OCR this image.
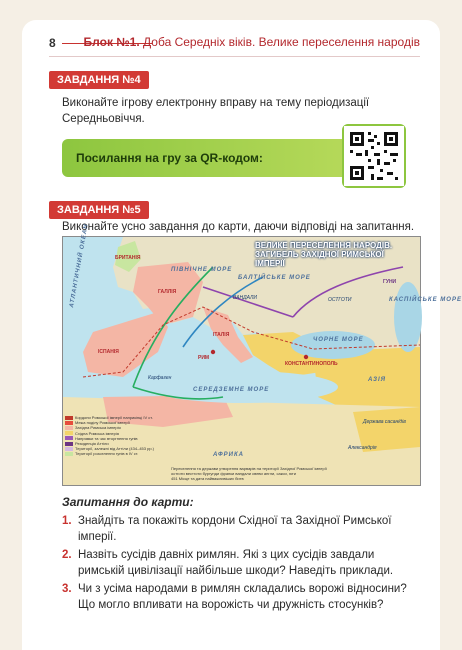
8 Блок №1. Доба Середніх віків. Велике переселення народів
ЗАВДАННЯ №4
Виконайте ігрову електронну вправу на тему періодизації Середньовіччя.
Посилання на гру за QR-кодом:
ЗАВДАННЯ №5
Виконайте усно завдання до карти, даючи відповіді на запитання.
ВЕЛИКЕ ПЕРЕСЕЛЕННЯ НАРОДІВ.
ЗАГИБЕЛЬ ЗАХІДНОЇ РИМСЬКОЇ ІМПЕРІЇ
АТЛАНТИЧНИЙ ОКЕАН	ПІВНІЧНЕ МОРЕ
БАЛТІЙСЬКЕ МОРЕ
ЧОРНЕ МОРЕ
СЕРЕДЗЕМНЕ МОРЕ
КАСПІЙСЬКЕ МОРЕ
АФРИКА
АЗІЯ
ІСПАНІЯ
ГАЛЛІЯ
БРИТАНІЯ
ІТАЛІЯ
РИМ
КОНСТАНТИНОПОЛЬ
Карфаген
Александрія
ГУНИ
ОСТГОТИ
ВАНДАЛИ
Держава сасанідів
Кордони Римської імперії наприкінці IV ст.
Межа поділу Римської імперії
Західна Римська імперія
Східна Римська імперія
Напрямки та час вторгнення гунів
Резиденція Аттіли
Території, залежні від Аттіли (434–453 рр.)
Території розселення гунів в IV ст.
Переселення та держави утворення варварів на території Західної Римської імперії
остготи вестготи бургунди франки вандали свеви англи, сакси, юти
451 Місце та дата найважливіших битв
Запитання до карти:
1. Знайдіть та покажіть кордони Східної та Західної Римської імперії.
2. Назвіть сусідів давніх римлян. Які з цих сусідів завдали римській цивілізації найбільше шкоди? Наведіть приклади.
3. Чи з усіма народами в римлян складались ворожі відносини? Що могло впливати на ворожість чи дружність стосунків?
